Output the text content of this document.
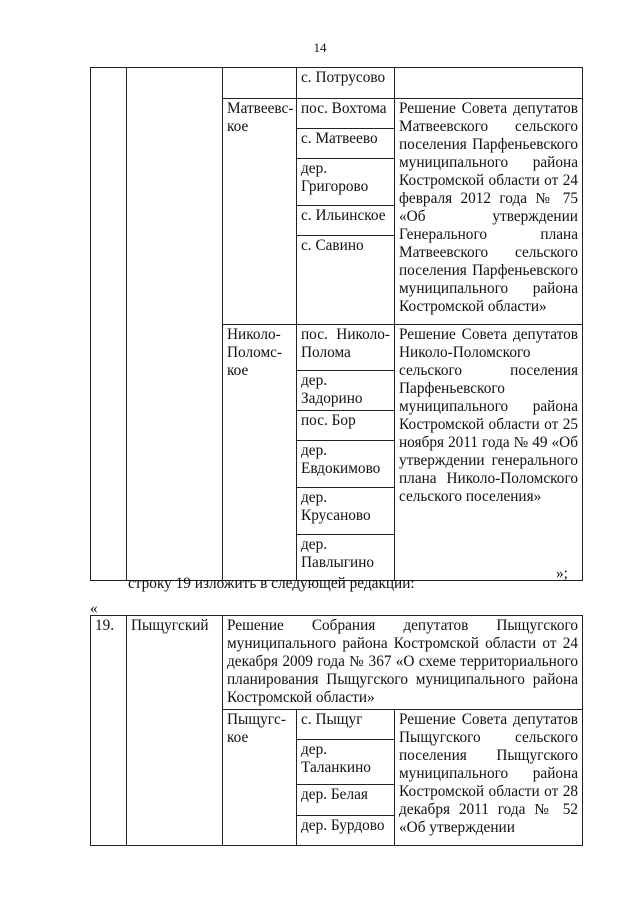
14
			с. Потрусово	
		Матвеевс-кое	пос. Вохтома	Решение Совета депутатов Матвеевского сельского поселения Парфеньевского муниципального района Костромской области от 24 февраля 2012 года № 75 «Об утверждении Генерального плана Матвеевского сельского поселения Парфеньевского муниципального района Костромской области»
			с. Матвеево	
			дер. Григорово	
			с. Ильинское	
			с. Савино	
		Николо-Поломс-кое	пос. Николо-Полома	Решение Совета депутатов Николо-Поломского сельского поселения Парфеньевского муниципального района Костромской области от 25 ноября 2011 года № 49 «Об утверждении генерального плана Николо-Поломского сельского поселения»
			дер. Задорино	
			пос. Бор	
			дер. Евдокимово	
			дер. Крусаново	
			дер. Павлыгино	
»;
строку 19 изложить в следующей редакции:
«
19.	Пыщугский	Решение Собрания депутатов Пыщугского муниципального района Костромской области от 24 декабря 2009 года № 367 «О схеме территориального планирования Пыщугского муниципального района Костромской области»		
		Пыщугс-кое	с. Пыщуг	Решение Совета депутатов Пыщугского сельского поселения Пыщугского муниципального района Костромской области от 28 декабря 2011 года № 52 «Об утверждении
			дер. Таланкино	
			дер. Белая	
			дер. Бурдово	
